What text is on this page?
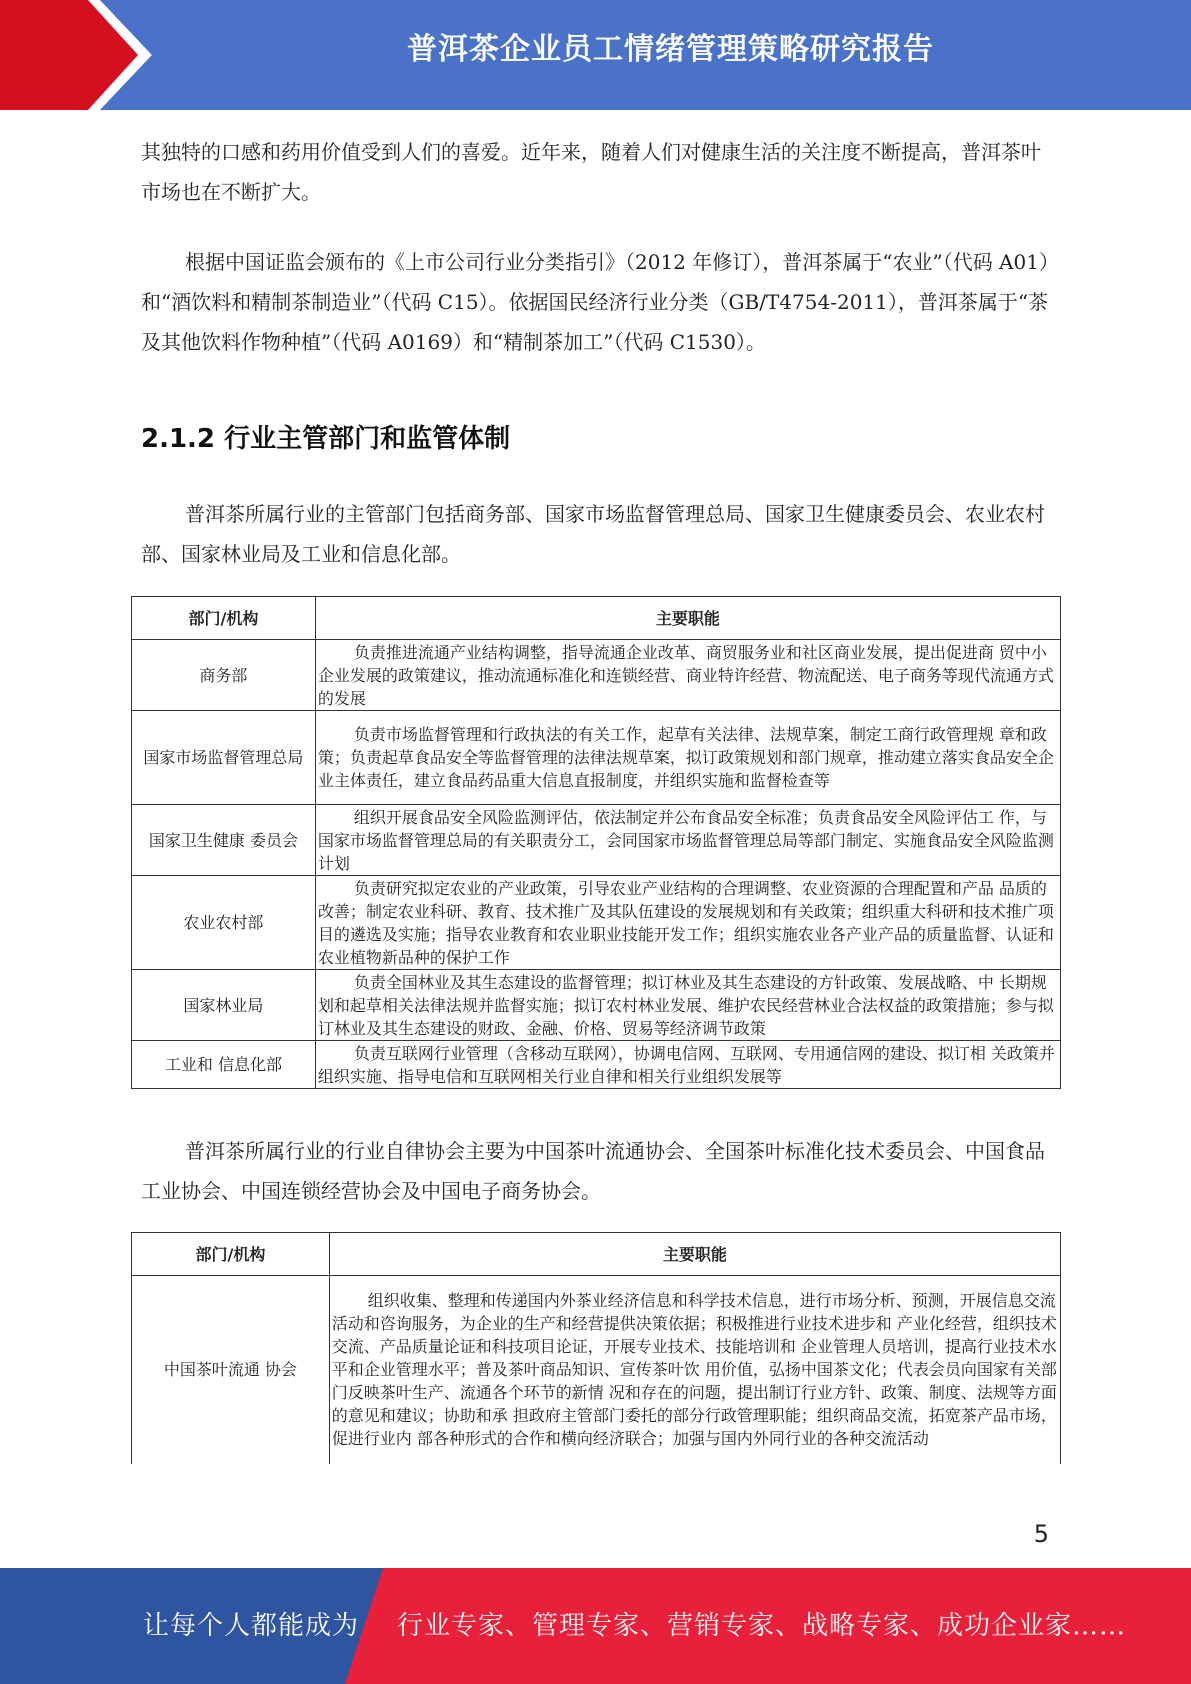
普洱茶企业员工情绪管理策略研究报告

其独特的口感和药用价值受到人们的喜爱。近年来，随着人们对健康生活的关注度不断提高，普洱茶叶市场也在不断扩大。

根据中国证监会颁布的《上市公司行业分类指引》（2012 年修订），普洱茶属于“农业”（代码 A01）和“酒饮料和精制茶制造业”（代码 C15）。依据国民经济行业分类（GB/T4754-2011），普洱茶属于“茶及其他饮料作物种植”（代码 A0169）和“精制茶加工”（代码 C1530）。

2.1.2 行业主管部门和监管体制

普洱茶所属行业的主管部门包括商务部、国家市场监督管理总局、国家卫生健康委员会、农业农村部、国家林业局及工业和信息化部。

部门/机构	主要职能
商务部	负责推进流通产业结构调整，指导流通企业改革、商贸服务业和社区商业发展，提出促进商 贸中小企业发展的政策建议，推动流通标准化和连锁经营、商业特许经营、物流配送、电子商务等现代流通方式的发展
国家市场监督管理总局	负责市场监督管理和行政执法的有关工作，起草有关法律、法规草案，制定工商行政管理规 章和政策；负责起草食品安全等监督管理的法律法规草案，拟订政策规划和部门规章，推动建立落实食品安全企业主体责任，建立食品药品重大信息直报制度，并组织实施和监督检查等
国家卫生健康 委员会	组织开展食品安全风险监测评估，依法制定并公布食品安全标准；负责食品安全风险评估工 作，与国家市场监督管理总局的有关职责分工，会同国家市场监督管理总局等部门制定、实施食品安全风险监测计划
农业农村部	负责研究拟定农业的产业政策，引导农业产业结构的合理调整、农业资源的合理配置和产品 品质的改善；制定农业科研、教育、技术推广及其队伍建设的发展规划和有关政策；组织重大科研和技术推广项目的遴选及实施；指导农业教育和农业职业技能开发工作；组织实施农业各产业产品的质量监督、认证和农业植物新品种的保护工作
国家林业局	负责全国林业及其生态建设的监督管理；拟订林业及其生态建设的方针政策、发展战略、中 长期规划和起草相关法律法规并监督实施；拟订农村林业发展、维护农民经营林业合法权益的政策措施；参与拟订林业及其生态建设的财政、金融、价格、贸易等经济调节政策
工业和 信息化部	负责互联网行业管理（含移动互联网），协调电信网、互联网、专用通信网的建设、拟订相 关政策并组织实施、指导电信和互联网相关行业自律和相关行业组织发展等

普洱茶所属行业的行业自律协会主要为中国茶叶流通协会、全国茶叶标准化技术委员会、中国食品工业协会、中国连锁经营协会及中国电子商务协会。

部门/机构	主要职能
中国茶叶流通 协会	组织收集、整理和传递国内外茶业经济信息和科学技术信息，进行市场分析、预测，开展信息交流活动和咨询服务，为企业的生产和经营提供决策依据；积极推进行业技术进步和 产业化经营，组织技术交流、产品质量论证和科技项目论证，开展专业技术、技能培训和 企业管理人员培训，提高行业技术水平和企业管理水平；普及茶叶商品知识、宣传茶叶饮 用价值，弘扬中国茶文化；代表会员向国家有关部门反映茶叶生产、流通各个环节的新情 况和存在的问题，提出制订行业方针、政策、制度、法规等方面的意见和建议；协助和承 担政府主管部门委托的部分行政管理职能；组织商品交流，拓宽茶产品市场，促进行业内 部各种形式的合作和横向经济联合；加强与国内外同行业的各种交流活动
5
让每个人都能成为 行业专家、管理专家、营销专家、战略专家、成功企业家……
